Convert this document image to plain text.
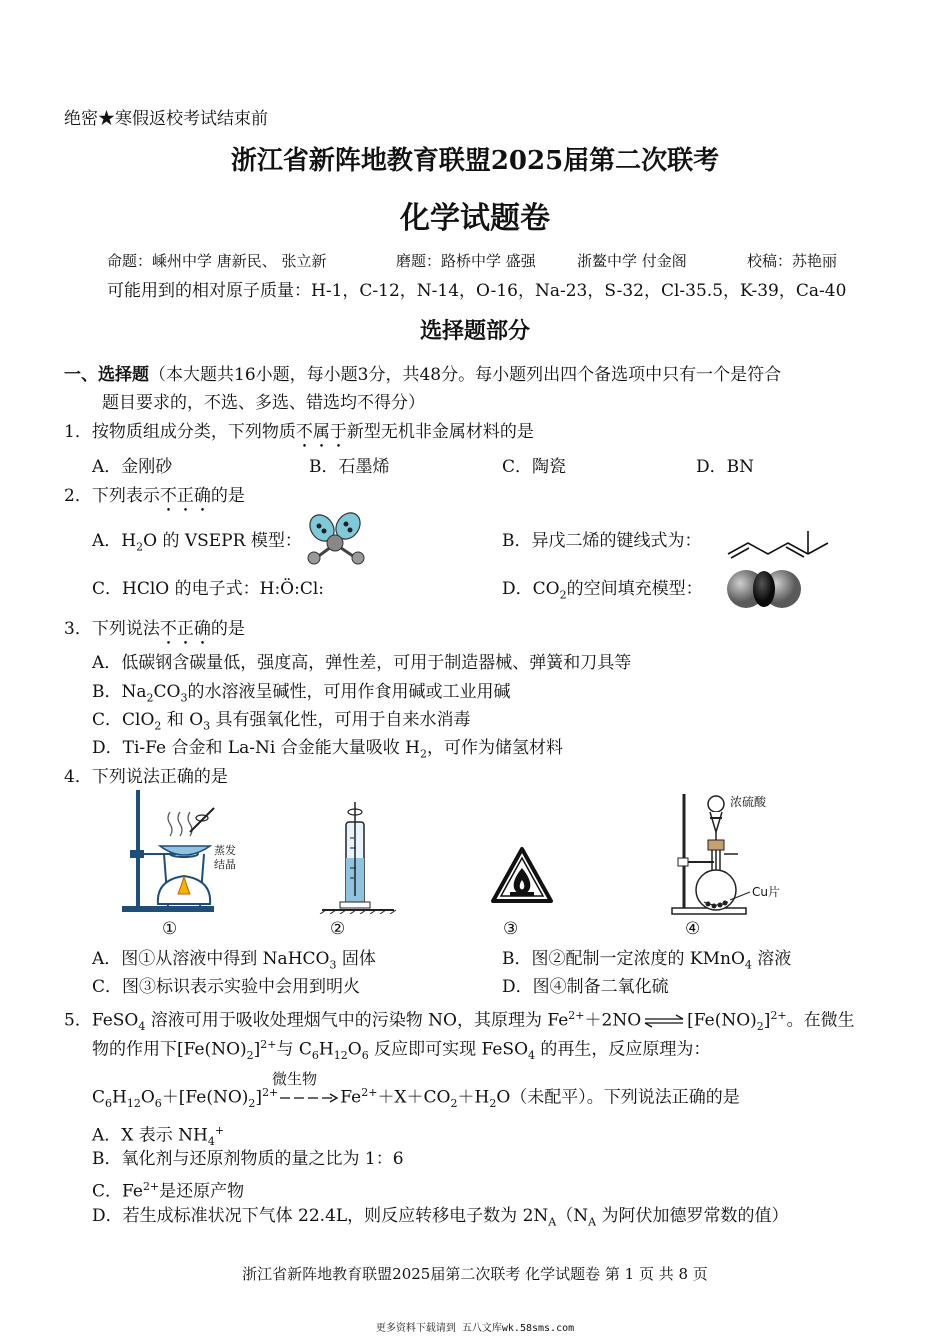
绝密★寒假返校考试结束前
浙江省新阵地教育联盟2025届第二次联考
化学试题卷
命题：嵊州中学 唐新民、 张立新	磨题：路桥中学 盛强	浙鳌中学 付金阁	校稿：苏艳丽
可能用到的相对原子质量：H-1，C-12，N-14，O-16，Na-23，S-32，Cl-35.5，K-39，Ca-40
选择题部分
一、选择题（本大题共16小题，每小题3分，共48分。每小题列出四个备选项中只有一个是符合
题目要求的，不选、多选、错选均不得分）
1．按物质组成分类，下列物质不属于新型无机非金属材料的是
A．金刚砂	B．石墨烯	C．陶瓷	D．BN
2．下列表示不正确的是
A．$H_2O$ 的 VSEPR 模型：	B．异戊二烯的键线式为：
C．HClO 的电子式：H:Ö:Cl:	D．$CO_2$的空间填充模型：
3．下列说法不正确的是
A．低碳钢含碳量低，强度高，弹性差，可用于制造器械、弹簧和刀具等
B．$Na_2CO_3$的水溶液呈碱性，可用作食用碱或工业用碱
C．ClO$_2$ 和 $O_3$ 具有强氧化性，可用于自来水消毒
D．Ti-Fe 合金和 La-Ni 合金能大量吸收 $H_2$，可作为储氢材料
4．下列说法正确的是
蒸发
结晶
①	②	③
浓硫酸
Cu片
④
A．图①从溶液中得到 NaHCO$_3$ 固体	B．图②配制一定浓度的 KMnO$_4$ 溶液
C．图③标识表示实验中会用到明火	D．图④制备二氧化硫
5．FeSO$_4$ 溶液可用于吸收处理烟气中的污染物 NO，其原理为 $Fe^{2+}+2NO$ ⇌ $[Fe(NO)_2]^{2+}$。在微生
物的作用下$[Fe(NO)_2]^{2+}$与 $C_6H_{12}O_6$ 反应即可实现 FeSO$_4$ 的再生，反应原理为：
微生物
$C_6H_{12}O_6+[Fe(NO)_2]^{2+}\to Fe^{2+}+X+CO_2+H_2O$（未配平）。下列说法正确的是
A．X 表示 $NH_4^+$
B．氧化剂与还原剂物质的量之比为 1：6
C．$Fe^{2+}$是还原产物
D．若生成标准状况下气体 22.4L，则反应转移电子数为 $2N_A(N_A$ 为阿伏加德罗常数的值）
浙江省新阵地教育联盟2025届第二次联考 化学试题卷 第 1 页 共 8 页
更多资料下载请到 五八文库wk.58sms.com
